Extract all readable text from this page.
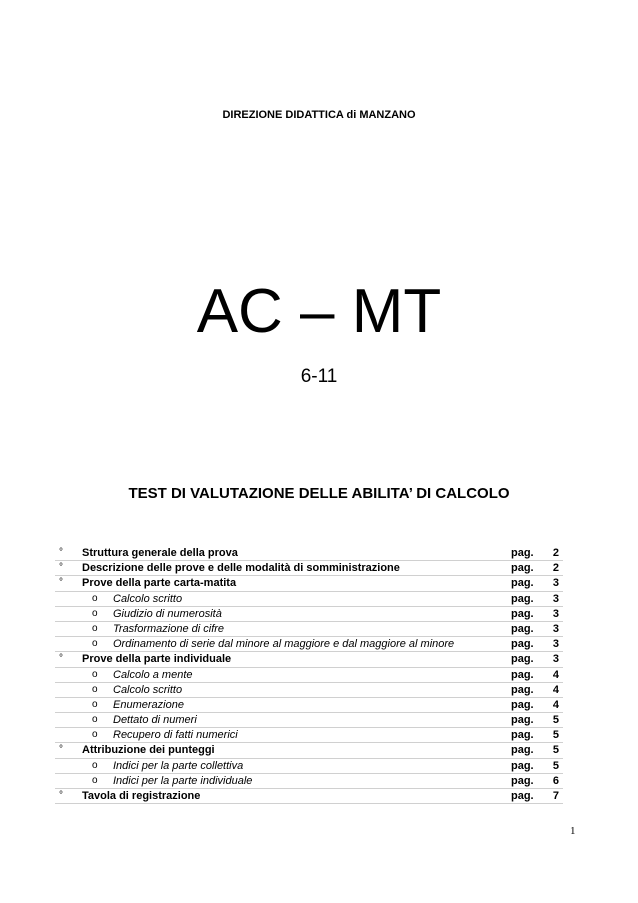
DIREZIONE DIDATTICA di MANZANO
AC – MT
6-11
TEST DI VALUTAZIONE DELLE ABILITA’ DI CALCOLO
° Struttura generale della prova	pag. 2
° Descrizione delle prove e delle modalità di somministrazione	pag. 2
° Prove della parte carta-matita	pag. 3
o Calcolo scritto	pag. 3
o Giudizio di numerosità	pag. 3
o Trasformazione di cifre	pag. 3
o Ordinamento di serie dal minore al maggiore e dal maggiore al minore	pag. 3
° Prove della parte individuale	pag. 3
o Calcolo a mente	pag. 4
o Calcolo scritto	pag. 4
o Enumerazione	pag. 4
o Dettato di numeri	pag. 5
o Recupero di fatti numerici	pag. 5
° Attribuzione dei punteggi	pag. 5
o Indici per la parte collettiva	pag. 5
o Indici per la parte individuale	pag. 6
° Tavola di registrazione	pag. 7
1
